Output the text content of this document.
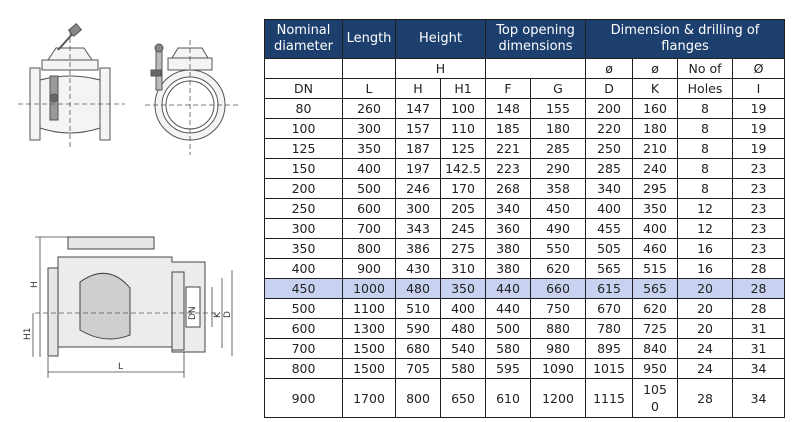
H
H1
L
DN K D
Nominal diameter	Length	Height		Top opening dimensions		Dimension & drilling of flanges			
		H				ø	ø	No of	Ø
DN	L	H	H1	F	G	D	K	Holes	I
80	260	147	100	148	155	200	160	8	19
100	300	157	110	185	180	220	180	8	19
125	350	187	125	221	285	250	210	8	19
150	400	197	142.5	223	290	285	240	8	23
200	500	246	170	268	358	340	295	8	23
250	600	300	205	340	450	400	350	12	23
300	700	343	245	360	490	455	400	12	23
350	800	386	275	380	550	505	460	16	23
400	900	430	310	380	620	565	515	16	28
450	1000	480	350	440	660	615	565	20	28
500	1100	510	400	440	750	670	620	20	28
600	1300	590	480	500	880	780	725	20	31
700	1500	680	540	580	980	895	840	24	31
800	1500	705	580	595	1090	1015	950	24	34
900	1700	800	650	610	1200	1115	1050	28	34
